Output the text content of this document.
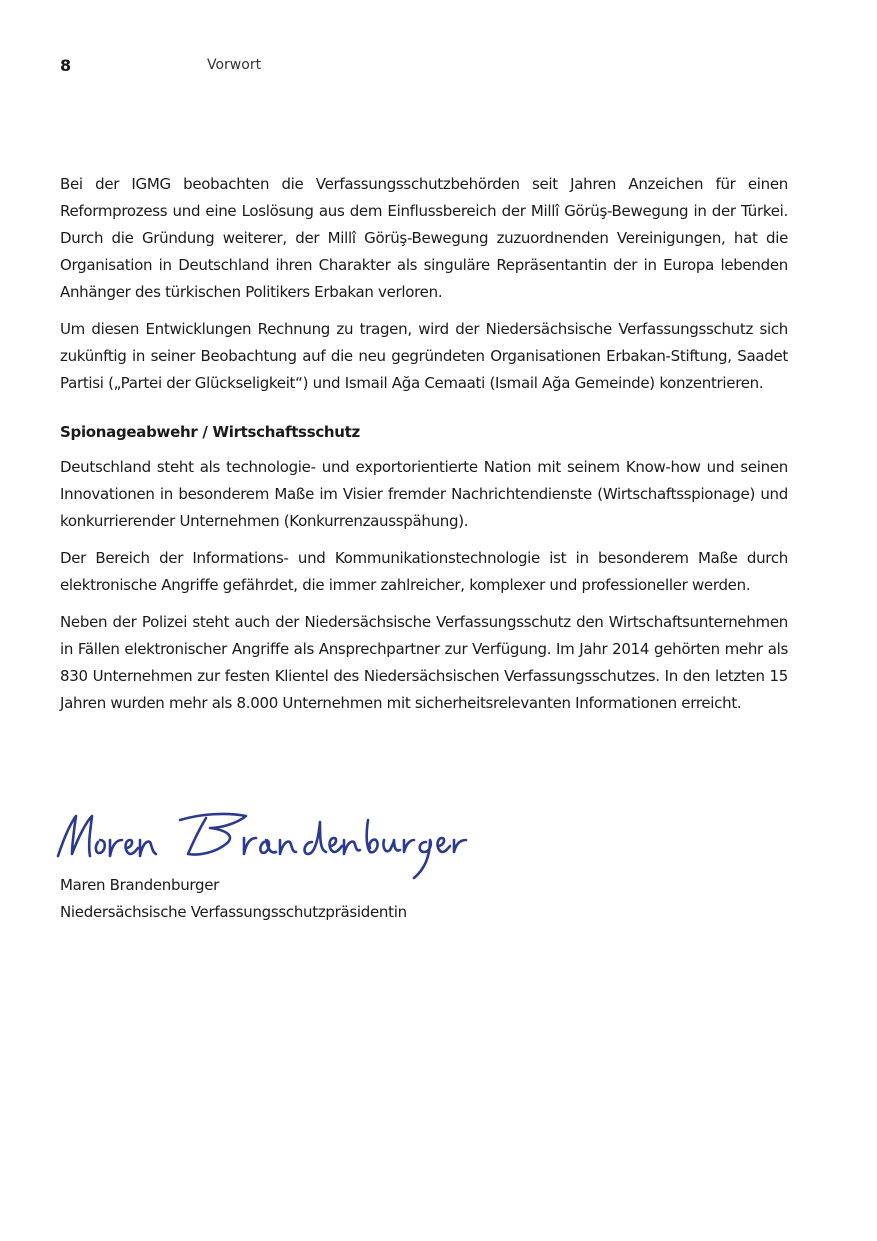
8	Vorwort

Bei der IGMG beobachten die Verfassungsschutzbehörden seit Jahren Anzeichen für einen Reformprozess und eine Loslösung aus dem Einflussbereich der Millî Görüş-Bewegung in der Türkei. Durch die Gründung weiterer, der Millî Görüş-Bewegung zuzuordnenden Vereinigungen, hat die Organisation in Deutschland ihren Charakter als singuläre Repräsentantin der in Europa lebenden Anhänger des türkischen Politikers Erbakan verloren.

Um diesen Entwicklungen Rechnung zu tragen, wird der Niedersächsische Verfassungsschutz sich zukünftig in seiner Beobachtung auf die neu gegründeten Organisationen Erbakan-Stiftung, Saadet Partisi („Partei der Glückseligkeit“) und Ismail Ağa Cemaati (Ismail Ağa Gemeinde) konzentrieren.

Spionageabwehr / Wirtschaftsschutz

Deutschland steht als technologie- und exportorientierte Nation mit seinem Know-how und seinen Innovationen in besonderem Maße im Visier fremder Nachrichtendienste (Wirtschaftsspionage) und konkurrierender Unternehmen (Konkurrenzausspähung).

Der Bereich der Informations- und Kommunikationstechnologie ist in besonderem Maße durch elektronische Angriffe gefährdet, die immer zahlreicher, komplexer und professioneller werden.

Neben der Polizei steht auch der Niedersächsische Verfassungsschutz den Wirtschaftsunternehmen in Fällen elektronischer Angriffe als Ansprechpartner zur Verfügung. Im Jahr 2014 gehörten mehr als 830 Unternehmen zur festen Klientel des Niedersächsischen Verfassungsschutzes. In den letzten 15 Jahren wurden mehr als 8.000 Unternehmen mit sicherheitsrelevanten Informationen erreicht.

Maren Brandenburger
Niedersächsische Verfassungsschutzpräsidentin
